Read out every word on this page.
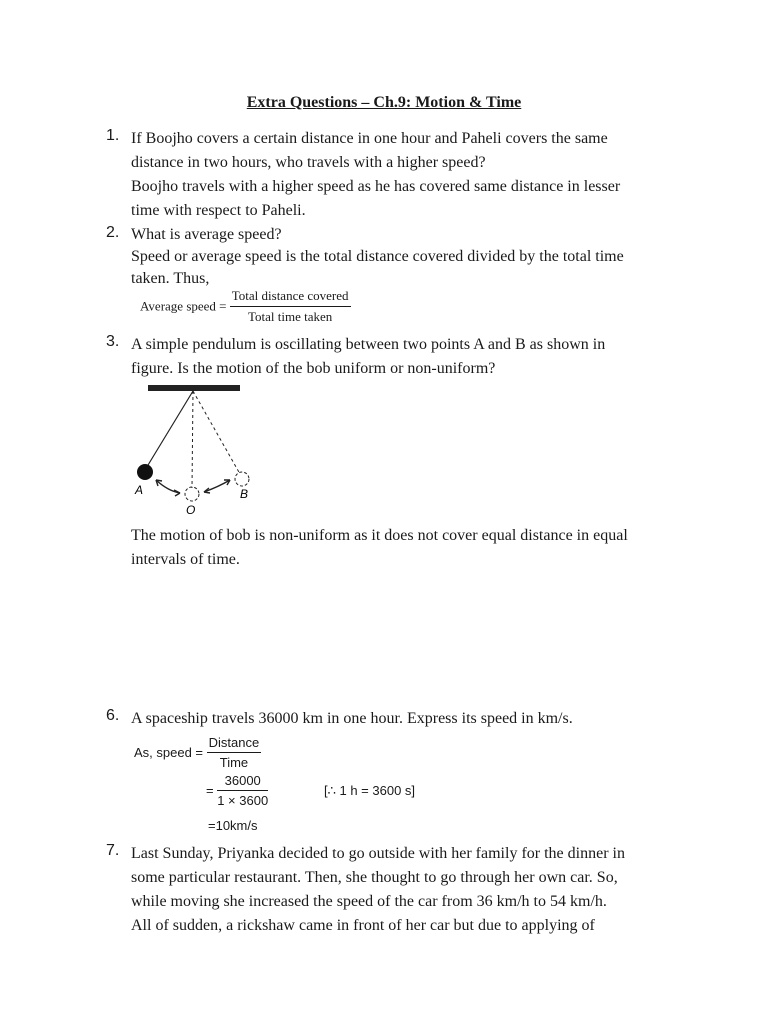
Extra Questions – Ch.9: Motion & Time
1. If Boojho covers a certain distance in one hour and Paheli covers the same
distance in two hours, who travels with a higher speed?
Boojho travels with a higher speed as he has covered same distance in lesser
time with respect to Paheli.
2. What is average speed?
Speed or average speed is the total distance covered divided by the total time
taken. Thus,
Average speed = $\frac{\text{Total distance covered}}{\text{Total time taken}}$
3. A simple pendulum is oscillating between two points A and B as shown in
figure. Is the motion of the bob uniform or non-uniform?
A
O
B
The motion of bob is non-uniform as it does not cover equal distance in equal
intervals of time.
6. A spaceship travels 36000 km in one hour. Express its speed in km/s.
As, speed = $\frac{\text{Distance}}{\text{Time}}$
= $\frac{36000}{1 \times 3600}$	[∴ 1 h = 3600 s]
=10km/s
7. Last Sunday, Priyanka decided to go outside with her family for the dinner in
some particular restaurant. Then, she thought to go through her own car. So,
while moving she increased the speed of the car from 36 km/h to 54 km/h.
All of sudden, a rickshaw came in front of her car but due to applying of
